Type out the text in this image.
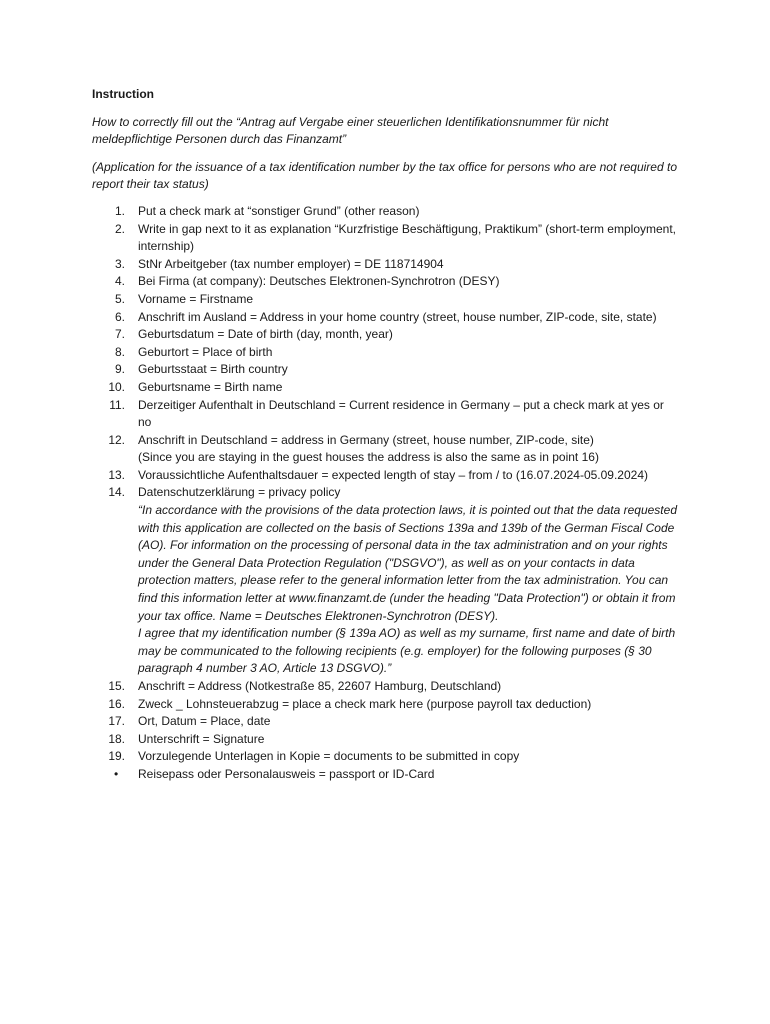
Instruction

How to correctly fill out the “Antrag auf Vergabe einer steuerlichen Identifikationsnummer für nicht meldepflichtige Personen durch das Finanzamt”

(Application for the issuance of a tax identification number by the tax office for persons who are not required to report their tax status)

1. Put a check mark at “sonstiger Grund” (other reason)
2. Write in gap next to it as explanation “Kurzfristige Beschäftigung, Praktikum” (short-term employment, internship)
3. StNr Arbeitgeber (tax number employer) = DE 118714904
4. Bei Firma (at company): Deutsches Elektronen-Synchrotron (DESY)
5. Vorname = Firstname
6. Anschrift im Ausland = Address in your home country (street, house number, ZIP-code, site, state)
7. Geburtsdatum = Date of birth (day, month, year)
8. Geburtort = Place of birth
9. Geburtsstaat = Birth country
10. Geburtsname = Birth name
11. Derzeitiger Aufenthalt in Deutschland = Current residence in Germany – put a check mark at yes or no
12. Anschrift in Deutschland = address in Germany (street, house number, ZIP-code, site)
(Since you are staying in the guest houses the address is also the same as in point 16)
13. Voraussichtliche Aufenthaltsdauer = expected length of stay – from / to (16.07.2024-05.09.2024)
14. Datenschutzerklärung = privacy policy
“In accordance with the provisions of the data protection laws, it is pointed out that the data requested with this application are collected on the basis of Sections 139a and 139b of the German Fiscal Code (AO). For information on the processing of personal data in the tax administration and on your rights under the General Data Protection Regulation ("DSGVO"), as well as on your contacts in data protection matters, please refer to the general information letter from the tax administration. You can find this information letter at www.finanzamt.de (under the heading "Data Protection") or obtain it from your tax office. Name = Deutsches Elektronen-Synchrotron (DESY).
I agree that my identification number (§ 139a AO) as well as my surname, first name and date of birth may be communicated to the following recipients (e.g. employer) for the following purposes (§ 30 paragraph 4 number 3 AO, Article 13 DSGVO).”
15. Anschrift = Address (Notkestraße 85, 22607 Hamburg, Deutschland)
16. Zweck _ Lohnsteuerabzug = place a check mark here (purpose payroll tax deduction)
17. Ort, Datum = Place, date
18. Unterschrift = Signature
19. Vorzulegende Unterlagen in Kopie = documents to be submitted in copy
• Reisepass oder Personalausweis = passport or ID-Card
